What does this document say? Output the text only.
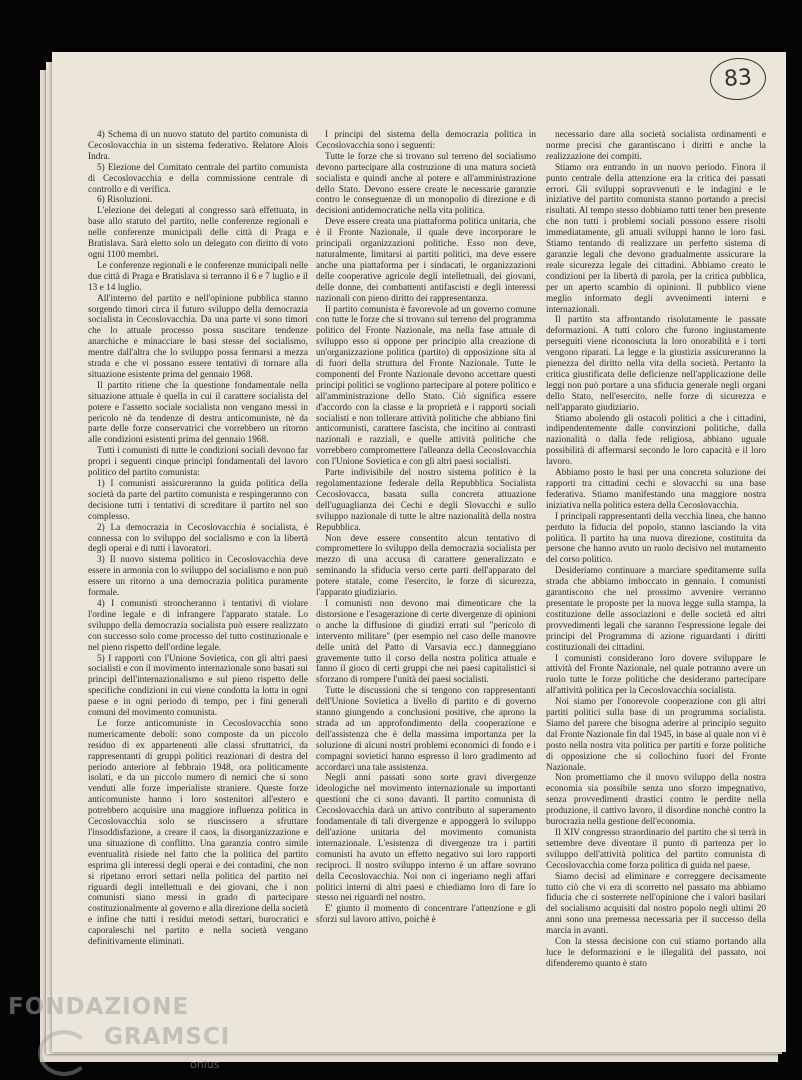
83

4) Schema di un nuovo statuto del partito comunista di Cecoslovacchia in un sistema federativo. Relatore Alois Indra.

5) Elezione del Comitato centrale del partito comunista di Cecoslovacchia e della commissione centrale di controllo e di verifica.

6) Risoluzioni.

L'elezione dei delegati al congresso sarà effettuata, in base allo statuto del partito, nelle conferenze regionali e nelle conferenze municipali delle città di Praga e Bratislava. Sarà eletto solo un delegato con diritto di voto ogni 1100 membri.

Le conferenze regionali e le conferenze municipali nelle due città di Praga e Bratislava si terranno il 6 e 7 luglio e il 13 e 14 luglio.

All'interno del partito e nell'opinione pubblica stanno sorgendo timori circa il futuro sviluppo della democrazia socialista in Cecoslovacchia. Da una parte vi sono timori che lo attuale processo possa suscitare tendenze anarchiche e minacciare le basi stesse del socialismo, mentre dall'altra che lo sviluppo possa fermarsi a mezza strada e che vi possano essere tentativi di tornare alla situazione esistente prima del gennaio 1968.

Il partito ritiene che la questione fondamentale nella situazione attuale è quella in cui il carattere socialista del potere e l'assetto sociale socialista non vengano messi in pericolo nè da tendenze di destra anticomuniste, nè da parte delle forze conservatrici che vorrebbero un ritorno alle condizioni esistenti prima del gennaio 1968.

Tutti i comunisti di tutte le condizioni sociali devono far propri i seguenti cinque principi fondamentali del lavoro politico del partito comunista:

1) I comunisti assicureranno la guida politica della società da parte del partito comunista e respingeranno con decisione tutti i tentativi di screditare il partito nel suo complesso.

2) La democrazia in Cecoslovacchia è socialista, è connessa con lo sviluppo del socialismo e con la libertà degli operai e di tutti i lavoratori.

3) Il nuovo sistema politico in Cecoslovacchia deve essere in armonia con lo sviluppo del socialismo e non può essere un ritorno a una democrazia politica puramente formale.

4) I comunisti stroncheranno i tentativi di violare l'ordine legale e di infrangere l'apparato statale. Lo sviluppo della democrazia socialista può essere realizzato con successo solo come processo del tutto costituzionale e nel pieno rispetto dell'ordine legale.

5) I rapporti con l'Unione Sovietica, con gli altri paesi socialisti e con il movimento internazionale sono basati sui principi dell'internazionalismo e sul pieno rispetto delle specifiche condizioni in cui viene condotta la lotta in ogni paese e in ogni periodo di tempo, per i fini generali comuni del movimento comunista.

Le forze anticomuniste in Cecoslovacchia sono numericamente deboli: sono composte da un piccolo residuo di ex appartenenti alle classi sfruttatrici, da rappresentanti di gruppi politici reazionari di destra del periodo anteriore al febbraio 1948, ora politicamente isolati, e da un piccolo numero di nemici che si sono venduti alle forze imperialiste straniere. Queste forze anticomuniste hanno i loro sostenitori all'estero e potrebbero acquisire una maggiore influenza politica in Cecoslovacchia solo se riuscissero a sfruttare l'insoddisfazione, a creare il caos, la disorganizzazione e una situazione di conflitto. Una garanzia contro simile eventualità risiede nel fatto che la politica del partito esprima gli interessi degli operai e dei contadini, che non si ripetano errori settari nella politica del partito nei riguardi degli intellettuali e dei giovani, che i non comunisti siano messi in grado di partecipare costituzionalmente al governo e alla direzione della società e infine che tutti i residui metodi settari, burocratici e caporaleschi nel partito e nella società vengano definitivamente eliminati.

I principi del sistema della democrazia politica in Cecoslovacchia sono i seguenti:

Tutte le forze che si trovano sul terreno del socialismo devono partecipare alla costruzione di una matura società socialista e quindi anche al potere e all'amministrazione dello Stato. Devono essere create le necessarie garanzie contro le conseguenze di un monopolio di direzione e di decisioni antidemocratiche nella vita politica.

Deve essere creata una piattaforma politica unitaria, che è il Fronte Nazionale, il quale deve incorporare le principali organizzazioni politiche. Esso non deve, naturalmente, limitarsi ai partiti politici, ma deve essere anche una piattaforma per i sindacati, le organizzazioni delle cooperative agricole degli intellettuali, dei giovani, delle donne, dei combattenti antifascisti e degli interessi nazionali con pieno diritto dei rappresentanza.

Il partito comunista è favorevole ad un governo comune con tutte le forze che si trovano sul terreno del programma politico del Fronte Nazionale, ma nella fase attuale di sviluppo esso si oppone per principio alla creazione di un'organizzazione politica (partito) di opposizione sita al di fuori della struttura del Fronte Nazionale. Tutte le componenti del Fronte Nazionale devono accettare questi principi politici se vogliono partecipare al potere politico e all'amministrazione dello Stato. Ciò significa essere d'accordo con la classe e la proprietà e i rapporti sociali socialisti e non tollerare attività politiche che abbiano fini anticomunisti, carattere fascista, che incitino ai contrasti nazionali e razziali, e quelle attività politiche che vorrebbero compromettere l'alleanza della Cecoslovacchia con l'Unione Sovietica e con gli altri paesi socialisti.

Parte indivisibile del nostro sistema politico è la regolamentazione federale della Repubblica Socialista Cecoslovacca, basata sulla concreta attuazione dell'uguaglianza dei Cechi e degli Slovacchi e sullo sviluppo nazionale di tutte le altre nazionalità della nostra Repubblica.

Non deve essere consentito alcun tentativo di compromettere lo sviluppo della democrazia socialista per mezzo di una accusa di carattere generalizzato e seminando la sfiducia verso certe parti dell'apparato del potere statale, come l'esercito, le forze di sicurezza, l'apparato giudiziario.

I comunisti non devono mai dimenticare che la distorsione e l'esagerazione di certe divergenze di opinioni o anche la diffusione di giudizi errati sul "pericolo di intervento militare" (per esempio nel caso delle manovre delle unità del Patto di Varsavia ecc.) danneggiano gravemente tutto il corso della nostra politica attuale e fanno il gioco di certi gruppi che nei paesi capitalistici si sforzano di rompere l'unità dei paesi socialisti.

Tutte le discussioni che si tengono con rappresentanti dell'Unione Sovietica a livello di partito e di governo stanno giungendo a conclusioni positive, che aprono la strada ad un approfondimento della cooperazione e dell'assistenza che è della massima importanza per la soluzione di alcuni nostri problemi economici di fondo e i compagni sovietici hanno espresso il loro gradimento ad accordarci una tale assistenza.

Negli anni passati sono sorte gravi divergenze ideologiche nel movimento internazionale su importanti questioni che ci sono davanti. Il partito comunista di Cecoslovacchia darà un attivo contributo al superamento fondamentale di tali divergenze e appoggerà lo sviluppo dell'azione unitaria del movimento comunista internazionale. L'esistenza di divergenze tra i partiti comunisti ha avuto un effetto negativo sui loro rapporti reciproci. Il nostro sviluppo interno è un affare sovrano della Cecoslovacchia. Noi non ci ingeriamo negli affari politici interni di altri paesi e chiediamo loro di fare lo stesso nei riguardi nel nostro.

E' giunto il momento di concentrare l'attenzione e gli sforzi sul lavoro attivo, poichè è

necessario dare alla società socialista ordinamenti e norme precisi che garantiscano i diritti e anche la realizzazione dei compiti.

Stiamo ora entrando in un nuovo periodo. Finora il punto centrale della attenzione era la critica dei passati errori. Gli sviluppi sopravvenuti e le indagini e le iniziative del partito comunista stanno portando a precisi risultati. Al tempo stesso dobbiamo tutti tener ben presente che non tutti i problemi sociali possono essere risolti immediatamente, gli attuali sviluppi hanno le loro fasi. Stiamo tentando di realizzare un perfetto sistema di garanzie legali che devono gradualmente assicurare la reale sicurezza legale dei cittadini. Abbiamo creato le condizioni per la libertà di parola, per la critica pubblica, per un aperto scambio di opinioni. Il pubblico viene meglio informato degli avvenimenti interni e internazionali.

Il partito sta affrontando risolutamente le passate deformazioni. A tutti coloro che furono ingiustamente perseguiti viene riconosciuta la loro onorabilità e i torti vengono riparati. La legge e la giustizia assicureranno la pienezza del diritto nella vita della società. Pertanto la critica giustificata delle deficienze nell'applicazione delle leggi non può portare a una sfiducia generale negli organi dello Stato, nell'esercito, nelle forze di sicurezza e nell'apparato giudiziario.

Stiamo abolendo gli ostacoli politici a che i cittadini, indipendentemente dalle convinzioni politiche, dalla nazionalità o dalla fede religiosa, abbiano uguale possibilità di affermarsi secondo le loro capacità e il loro lavoro.

Abbiamo posto le basi per una concreta soluzione dei rapporti tra cittadini cechi e slovacchi su una base federativa. Stiamo manifestando una maggiore nostra iniziativa nella politica estera della Cecoslovacchia.

I principali rappresentanti della vecchia linea, che hanno perduto la fiducia del popolo, stanno lasciando la vita politica. Il partito ha una nuova direzione, costituita da persone che hanno avuto un ruolo decisivo nel mutamento del corso politico.

Desideriamo continuare a marciare speditamente sulla strada che abbiamo imboccato in gennaio. I comunisti garantiscono che nel prossimo avvenire verranno presentate le proposte per la nuova legge sulla stampa, la costituzione delle associazioni e delle società ed altri provvedimenti legali che saranno l'espressione legale dei principi del Programma di azione riguardanti i diritti costituzionali dei cittadini.

I comunisti considerano loro dovere sviluppare le attività del Fronte Nazionale, nel quale potranno avere un ruolo tutte le forze politiche che desiderano partecipare all'attività politica per la Cecoslovacchia socialista.

Noi siamo per l'onorevole cooperazione con gli altri partiti politici sulla base di un programma socialista. Siamo del parere che bisogna aderire al principio seguito dal Fronte Nazionale fin dal 1945, in base al quale non vi è posto nella nostra vita politica per partiti e forze politiche di opposizione che si collochino fuori del Fronte Nazionale.

Non promettiamo che il nuovo sviluppo della nostra economia sia possibile senza uno sforzo impegnativo, senza provvedimenti drastici contro le perdite nella produzione, il cattivo lavoro, il disordine nonchè contro la burocrazia nella gestione dell'economia.

Il XIV congresso straordinario del partito che si terrà in settembre deve diventare il punto di partenza per lo sviluppo dell'attività politica del partito comunista di Cecoslovacchia come forza politica di guida nel paese.

Siamo decisi ad eliminare e correggere decisamente tutto ciò che vi era di scorretto nel passato ma abbiamo fiducia che ci sosterrete nell'opinione che i valori basilari del socialismo acquisiti dal nostro popolo negli ultimi 20 anni sono una premessa necessaria per il successo della marcia in avanti.

Con la stessa decisione con cui stiamo portando alla luce le deformazioni e le illegalità del passato, noi difenderemo quanto è stato

FONDAZIONE
GRAMSCI
onlus
